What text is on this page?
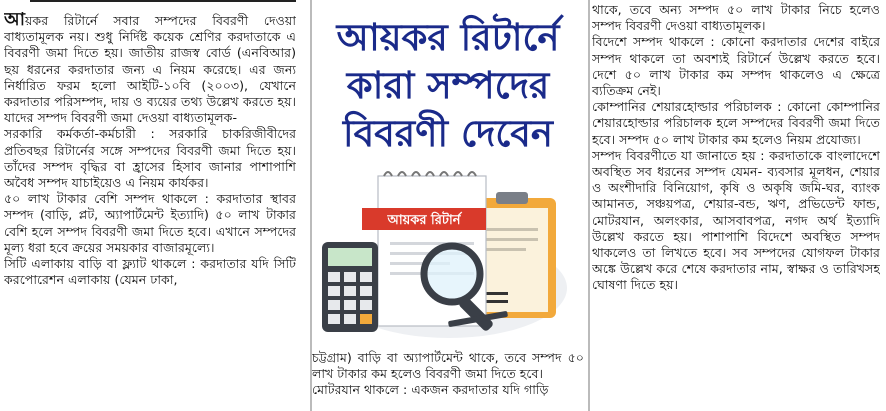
আয়কর রিটার্নে সবার সম্পদের বিবরণী দেওয়া বাধ্যতামূলক নয়। শুধু নির্দিষ্ট কয়েক শ্রেণির করদাতাকে এ বিবরণী জমা দিতে হয়। জাতীয় রাজস্ব বোর্ড (এনবিআর) ছয় ধরনের করদাতার জন্য এ নিয়ম করেছে। এর জন্য নির্ধারিত ফরম হলো আইটি-১০বি (২০০৩), যেখানে করদাতার পরিসম্পদ, দায় ও ব্যয়ের তথ্য উল্লেখ করতে হয়। যাদের সম্পদ বিবরণী জমা দেওয়া বাধ্যতামূলক-

সরকারি কর্মকর্তা-কর্মচারী : সরকারি চাকরিজীবীদের প্রতিবছর রিটার্নের সঙ্গে সম্পদের বিবরণী জমা দিতে হয়। তাঁদের সম্পদ বৃদ্ধির বা হ্রাসের হিসাব জানার পাশাপাশি অবৈধ সম্পদ যাচাইয়েও এ নিয়ম কার্যকর।

৫০ লাখ টাকার বেশি সম্পদ থাকলে : করদাতার স্থাবর সম্পদ (বাড়ি, প্লট, অ্যাপার্টমেন্ট ইত্যাদি) ৫০ লাখ টাকার বেশি হলে সম্পদ বিবরণী জমা দিতে হবে। এখানে সম্পদের মূল্য ধরা হবে ক্রয়ের সময়কার বাজারমূল্যে।

সিটি এলাকায় বাড়ি বা ফ্ল্যাট থাকলে : করদাতার যদি সিটি করপোরেশন এলাকায় (যেমন ঢাকা,

আয়কর রিটার্নে
কারা সম্পদের
বিবরণী দেবেন
আয়কর রিটার্ন

চট্টগ্রাম) বাড়ি বা অ্যাপার্টমেন্ট থাকে, তবে সম্পদ ৫০ লাখ টাকার কম হলেও বিবরণী জমা দিতে হবে।

মোটরযান থাকলে : একজন করদাতার যদি গাড়ি

থাকে, তবে অন্য সম্পদ ৫০ লাখ টাকার নিচে হলেও সম্পদ বিবরণী দেওয়া বাধ্যতামূলক।

বিদেশে সম্পদ থাকলে : কোনো করদাতার দেশের বাইরে সম্পদ থাকলে তা অবশ্যই রিটার্নে উল্লেখ করতে হবে। দেশে ৫০ লাখ টাকার কম সম্পদ থাকলেও এ ক্ষেত্রে ব্যতিক্রম নেই।

কোম্পানির শেয়ারহোল্ডার পরিচালক : কোনো কোম্পানির শেয়ারহোল্ডার পরিচালক হলে সম্পদের বিবরণী জমা দিতে হবে। সম্পদ ৫০ লাখ টাকার কম হলেও নিয়ম প্রযোজ্য।

সম্পদ বিবরণীতে যা জানাতে হয় : করদাতাকে বাংলাদেশে অবস্থিত সব ধরনের সম্পদ যেমন- ব্যবসার মূলধন, শেয়ার ও অংশীদারি বিনিয়োগ, কৃষি ও অকৃষি জমি-ঘর, ব্যাংক আমানত, সঞ্চয়পত্র, শেয়ার-বন্ড, ঋণ, প্রভিডেন্ট ফান্ড, মোটরযান, অলংকার, আসবাবপত্র, নগদ অর্থ ইত্যাদি উল্লেখ করতে হয়। পাশাপাশি বিদেশে অবস্থিত সম্পদ থাকলেও তা লিখতে হবে। সব সম্পদের যোগফল টাকার অঙ্কে উল্লেখ করে শেষে করদাতার নাম, স্বাক্ষর ও তারিখসহ ঘোষণা দিতে হয়।
